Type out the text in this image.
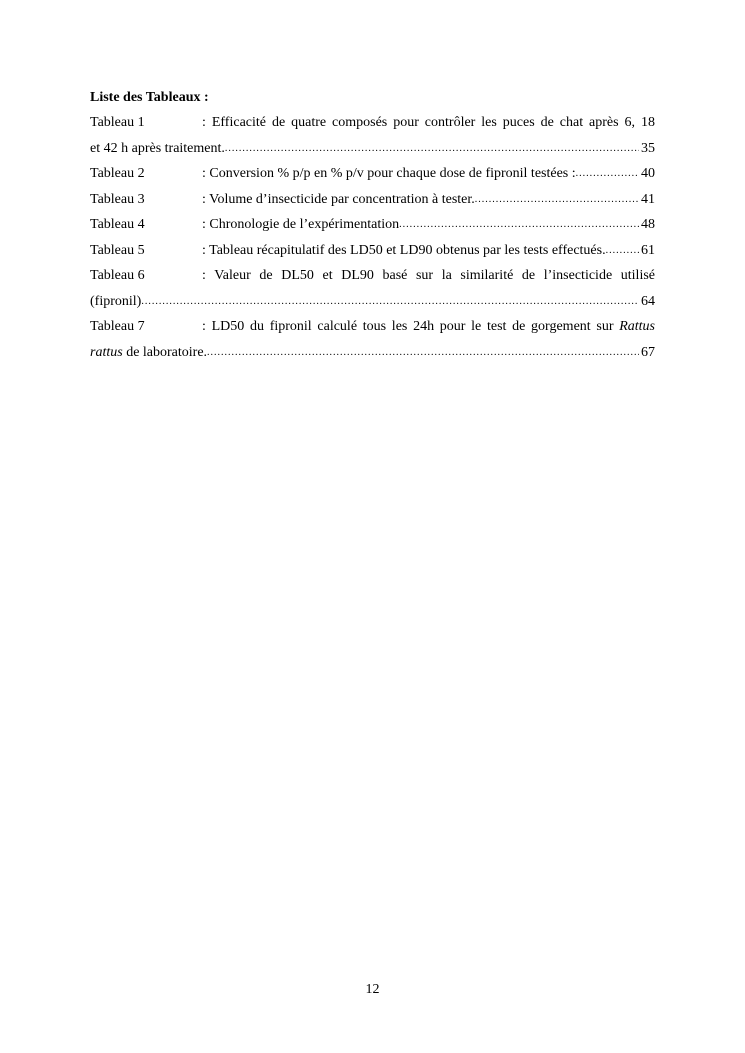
Liste des Tableaux :
Tableau 1	: Efficacité de quatre composés pour contrôler les puces de chat après 6, 18
et 42 h après traitement. .....	35
Tableau 2	: Conversion % p/p en % p/v pour chaque dose de fipronil testées : .....	40
Tableau 3	: Volume d’insecticide par concentration à tester. .....	41
Tableau 4	: Chronologie de l’expérimentation .....	48
Tableau 5	: Tableau récapitulatif des LD50 et LD90 obtenus par les tests effectués. .....	61
Tableau 6	: Valeur de DL50 et DL90 basé sur la similarité de l’insecticide utilisé
(fipronil) .....	64
Tableau 7	: LD50 du fipronil calculé tous les 24h pour le test de gorgement sur Rattus
rattus de laboratoire. .....	67
12
